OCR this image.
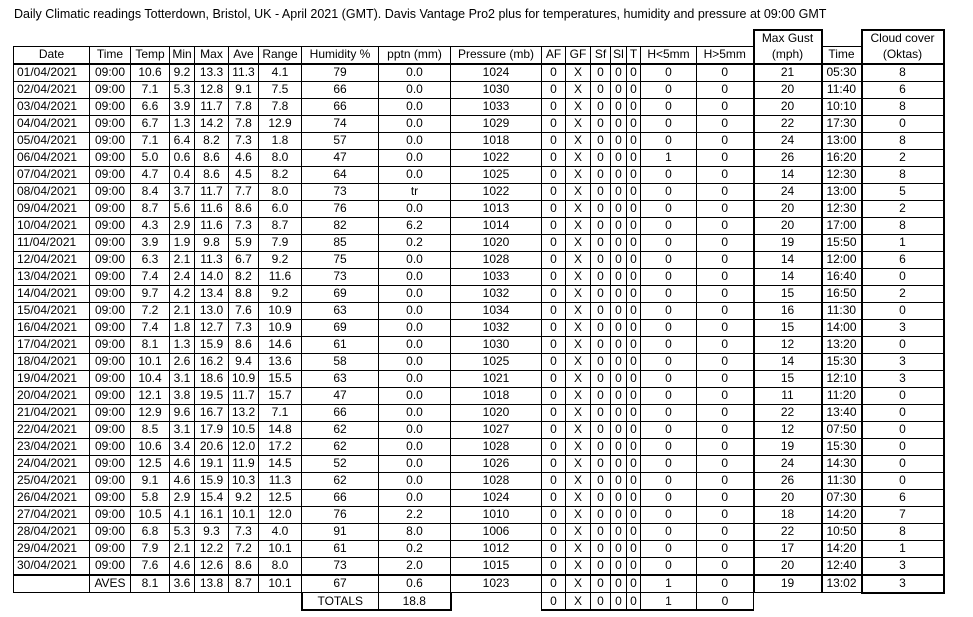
Daily Climatic readings Totterdown, Bristol, UK - April 2021 (GMT). Davis Vantage Pro2 plus for temperatures, humidity and pressure at 09:00 GMT
																	Max Gust		Cloud cover
Date	Time	Temp	Min	Max	Ave	Range	Humidity %	pptn (mm)	Pressure (mb)	AF	GF	Sf	Sl	T	H<5mm	H>5mm	(mph)	Time	(Oktas)
01/04/2021	09:00	10.6	9.2	13.3	11.3	4.1	79	0.0	1024	0	X	0	0	0	0	0	21	05:30	8
02/04/2021	09:00	7.1	5.3	12.8	9.1	7.5	66	0.0	1030	0	X	0	0	0	0	0	20	11:40	6
03/04/2021	09:00	6.6	3.9	11.7	7.8	7.8	66	0.0	1033	0	X	0	0	0	0	0	20	10:10	8
04/04/2021	09:00	6.7	1.3	14.2	7.8	12.9	74	0.0	1029	0	X	0	0	0	0	0	22	17:30	0
05/04/2021	09:00	7.1	6.4	8.2	7.3	1.8	57	0.0	1018	0	X	0	0	0	0	0	24	13:00	8
06/04/2021	09:00	5.0	0.6	8.6	4.6	8.0	47	0.0	1022	0	X	0	0	0	1	0	26	16:20	2
07/04/2021	09:00	4.7	0.4	8.6	4.5	8.2	64	0.0	1025	0	X	0	0	0	0	0	14	12:30	8
08/04/2021	09:00	8.4	3.7	11.7	7.7	8.0	73	tr	1022	0	X	0	0	0	0	0	24	13:00	5
09/04/2021	09:00	8.7	5.6	11.6	8.6	6.0	76	0.0	1013	0	X	0	0	0	0	0	20	12:30	2
10/04/2021	09:00	4.3	2.9	11.6	7.3	8.7	82	6.2	1014	0	X	0	0	0	0	0	20	17:00	8
11/04/2021	09:00	3.9	1.9	9.8	5.9	7.9	85	0.2	1020	0	X	0	0	0	0	0	19	15:50	1
12/04/2021	09:00	6.3	2.1	11.3	6.7	9.2	75	0.0	1028	0	X	0	0	0	0	0	14	12:00	6
13/04/2021	09:00	7.4	2.4	14.0	8.2	11.6	73	0.0	1033	0	X	0	0	0	0	0	14	16:40	0
14/04/2021	09:00	9.7	4.2	13.4	8.8	9.2	69	0.0	1032	0	X	0	0	0	0	0	15	16:50	2
15/04/2021	09:00	7.2	2.1	13.0	7.6	10.9	63	0.0	1034	0	X	0	0	0	0	0	16	11:30	0
16/04/2021	09:00	7.4	1.8	12.7	7.3	10.9	69	0.0	1032	0	X	0	0	0	0	0	15	14:00	3
17/04/2021	09:00	8.1	1.3	15.9	8.6	14.6	61	0.0	1030	0	X	0	0	0	0	0	12	13:20	0
18/04/2021	09:00	10.1	2.6	16.2	9.4	13.6	58	0.0	1025	0	X	0	0	0	0	0	14	15:30	3
19/04/2021	09:00	10.4	3.1	18.6	10.9	15.5	63	0.0	1021	0	X	0	0	0	0	0	15	12:10	3
20/04/2021	09:00	12.1	3.8	19.5	11.7	15.7	47	0.0	1018	0	X	0	0	0	0	0	11	11:20	0
21/04/2021	09:00	12.9	9.6	16.7	13.2	7.1	66	0.0	1020	0	X	0	0	0	0	0	22	13:40	0
22/04/2021	09:00	8.5	3.1	17.9	10.5	14.8	62	0.0	1027	0	X	0	0	0	0	0	12	07:50	0
23/04/2021	09:00	10.6	3.4	20.6	12.0	17.2	62	0.0	1028	0	X	0	0	0	0	0	19	15:30	0
24/04/2021	09:00	12.5	4.6	19.1	11.9	14.5	52	0.0	1026	0	X	0	0	0	0	0	24	14:30	0
25/04/2021	09:00	9.1	4.6	15.9	10.3	11.3	62	0.0	1028	0	X	0	0	0	0	0	26	11:30	0
26/04/2021	09:00	5.8	2.9	15.4	9.2	12.5	66	0.0	1024	0	X	0	0	0	0	0	20	07:30	6
27/04/2021	09:00	10.5	4.1	16.1	10.1	12.0	76	2.2	1010	0	X	0	0	0	0	0	18	14:20	7
28/04/2021	09:00	6.8	5.3	9.3	7.3	4.0	91	8.0	1006	0	X	0	0	0	0	0	22	10:50	8
29/04/2021	09:00	7.9	2.1	12.2	7.2	10.1	61	0.2	1012	0	X	0	0	0	0	0	17	14:20	1
30/04/2021	09:00	7.6	4.6	12.6	8.6	8.0	73	2.0	1015	0	X	0	0	0	0	0	20	12:40	3
	AVES	8.1	3.6	13.8	8.7	10.1	67	0.6	1023	0	X	0	0	0	1	0	19	13:02	3
							TOTALS	18.8		0	X	0	0	0	1	0			
